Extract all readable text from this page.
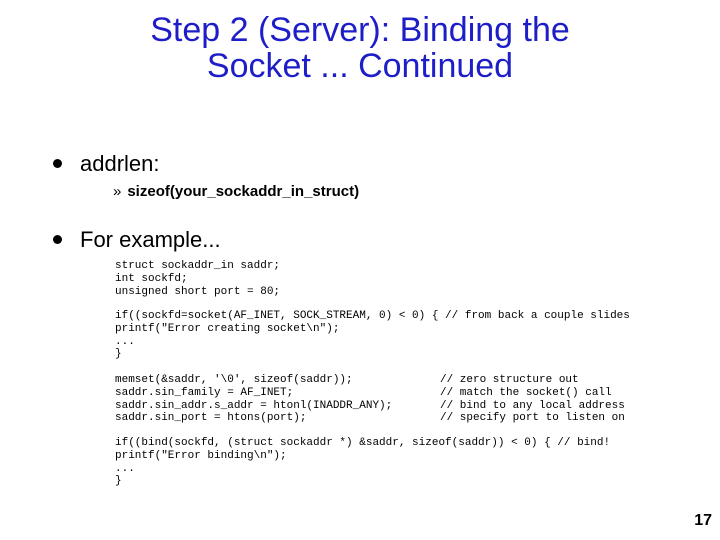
Step 2 (Server): Binding the
Socket ... Continued
addrlen:
» sizeof(your_sockaddr_in_struct)
For example...
struct sockaddr_in saddr;
int sockfd;
unsigned short port = 80;
if((sockfd=socket(AF_INET, SOCK_STREAM, 0) < 0) { // from back a couple slides
printf("Error creating socket\n");
...
}
memset(&saddr, '\0', sizeof(saddr));
saddr.sin_family = AF_INET;
saddr.sin_addr.s_addr = htonl(INADDR_ANY);
saddr.sin_port = htons(port);
// zero structure out
// match the socket() call
// bind to any local address
// specify port to listen on
if((bind(sockfd, (struct sockaddr *) &saddr, sizeof(saddr)) < 0) { // bind!
printf("Error binding\n");
...
}
17
